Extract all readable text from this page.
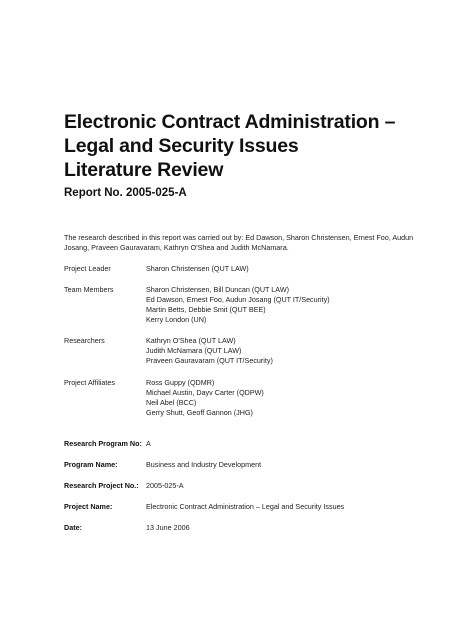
Electronic Contract Administration –
Legal and Security Issues
Literature Review
Report No. 2005-025-A
The research described in this report was carried out by: Ed Dawson, Sharon Christensen, Ernest Foo, Audun
Josang, Praveen Gauravaram, Kathryn O'Shea and Judith McNamara.
Project Leader	Sharon Christensen (QUT LAW)
Team Members	Sharon Christensen, Bill Duncan (QUT LAW)
Ed Dawson, Ernest Foo, Audun Josang (QUT IT/Security)
Martin Betts, Debbie Smit (QUT BEE)
Kerry London (UN)
Researchers	Kathryn O'Shea (QUT LAW)
Judith McNamara (QUT LAW)
Praveen Gauravaram (QUT IT/Security)
Project Affiliates	Ross Guppy (QDMR)
Michael Austin, Dayv Carter (QDPW)
Neil Abel (BCC)
Gerry Shutt, Geoff Gannon (JHG)
Research Program No: A
Program Name:	Business and Industry Development
Research Project No.:	2005-025-A
Project Name:	Electronic Contract Administration – Legal and Security Issues
Date:	13 June 2006
